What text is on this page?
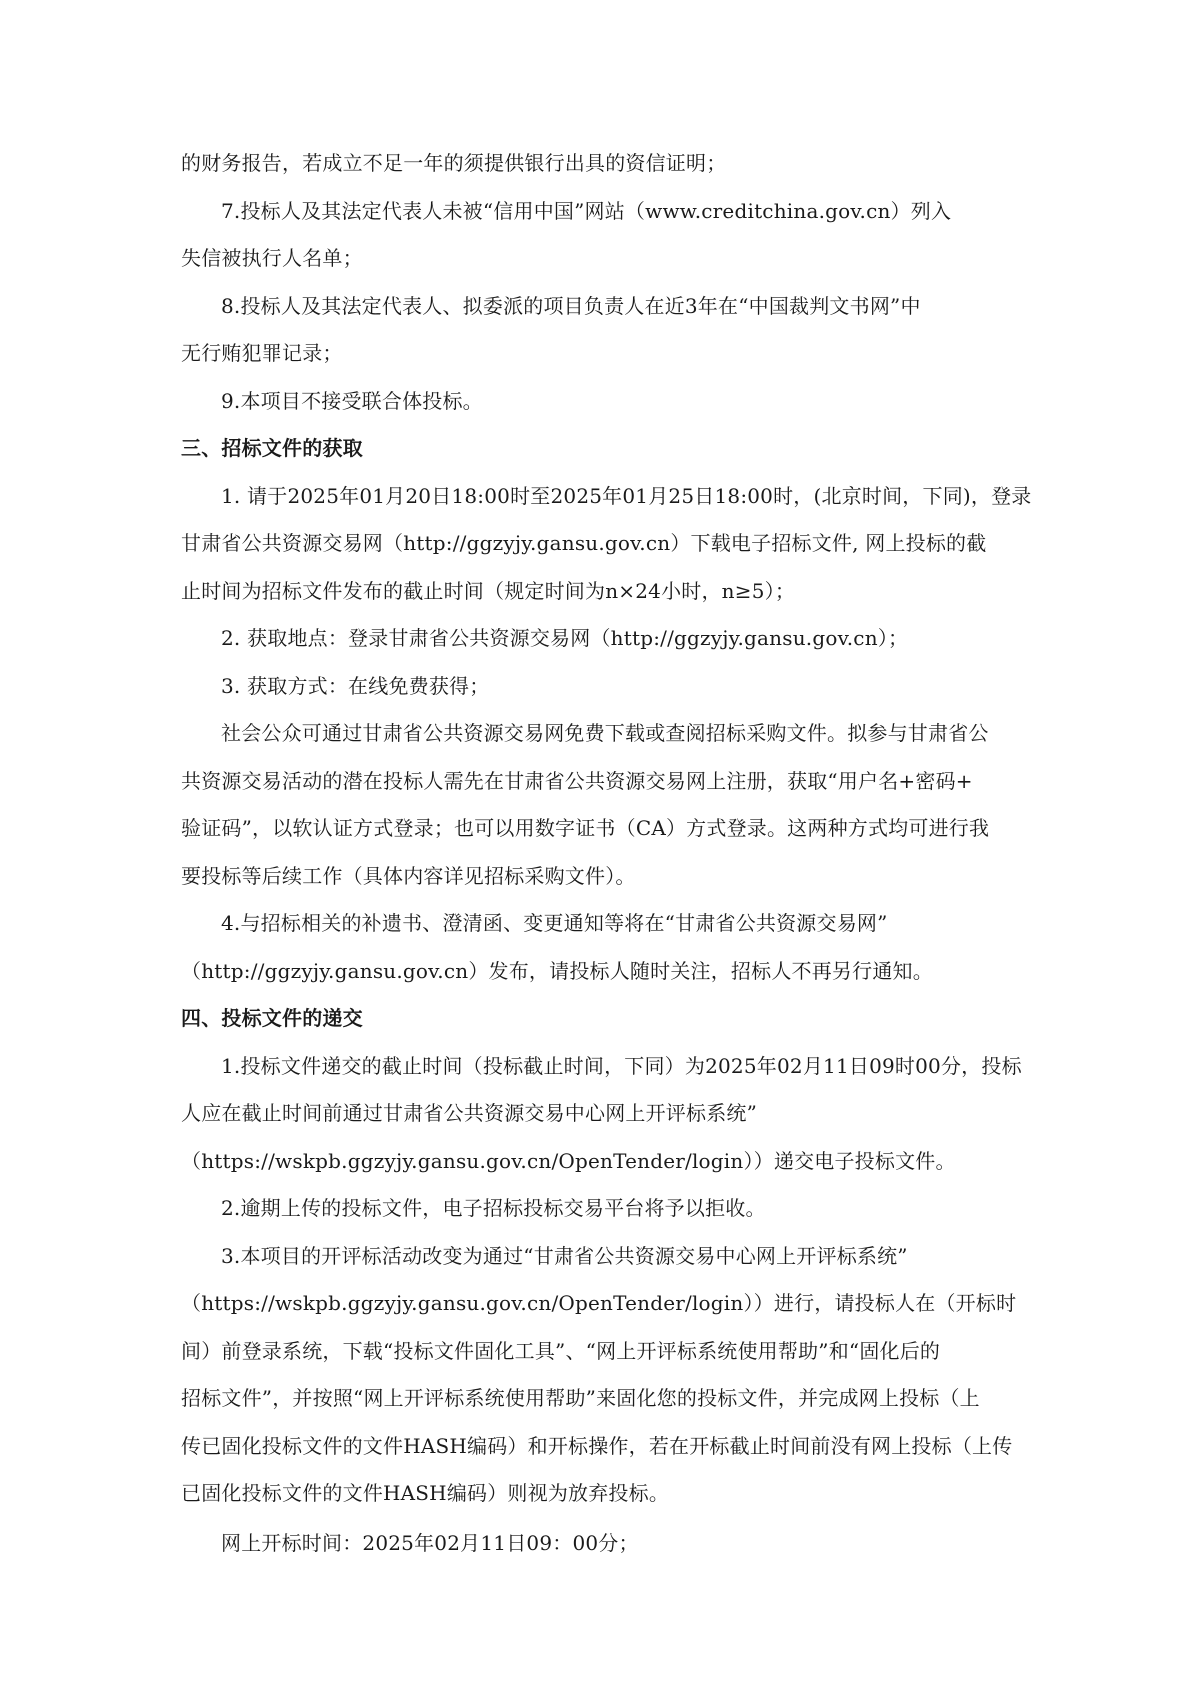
的财务报告，若成立不足一年的须提供银行出具的资信证明；
7.投标人及其法定代表人未被“信用中国”网站（www.creditchina.gov.cn）列入
失信被执行人名单；
8.投标人及其法定代表人、拟委派的项目负责人在近3年在“中国裁判文书网”中
无行贿犯罪记录；
9.本项目不接受联合体投标。
三、招标文件的获取
1. 请于2025年01月20日18:00时至2025年01月25日18:00时，(北京时间，下同)，登录
甘肃省公共资源交易网（http://ggzyjy.gansu.gov.cn）下载电子招标文件, 网上投标的截
止时间为招标文件发布的截止时间（规定时间为n×24小时，n≥5）；
2. 获取地点：登录甘肃省公共资源交易网（http://ggzyjy.gansu.gov.cn）；
3. 获取方式：在线免费获得；
社会公众可通过甘肃省公共资源交易网免费下载或查阅招标采购文件。拟参与甘肃省公
共资源交易活动的潜在投标人需先在甘肃省公共资源交易网上注册，获取“用户名+密码+
验证码”，以软认证方式登录；也可以用数字证书（CA）方式登录。这两种方式均可进行我
要投标等后续工作（具体内容详见招标采购文件）。
4.与招标相关的补遗书、澄清函、变更通知等将在“甘肃省公共资源交易网”
（http://ggzyjy.gansu.gov.cn）发布，请投标人随时关注，招标人不再另行通知。
四、投标文件的递交
1.投标文件递交的截止时间（投标截止时间，下同）为2025年02月11日09时00分，投标
人应在截止时间前通过甘肃省公共资源交易中心网上开评标系统”
（https://wskpb.ggzyjy.gansu.gov.cn/OpenTender/login））递交电子投标文件。
2.逾期上传的投标文件，电子招标投标交易平台将予以拒收。
3.本项目的开评标活动改变为通过“甘肃省公共资源交易中心网上开评标系统”
（https://wskpb.ggzyjy.gansu.gov.cn/OpenTender/login））进行，请投标人在（开标时
间）前登录系统，下载“投标文件固化工具”、“网上开评标系统使用帮助”和“固化后的
招标文件”，并按照“网上开评标系统使用帮助”来固化您的投标文件，并完成网上投标（上
传已固化投标文件的文件HASH编码）和开标操作，若在开标截止时间前没有网上投标（上传
已固化投标文件的文件HASH编码）则视为放弃投标。
网上开标时间：2025年02月11日09：00分；
